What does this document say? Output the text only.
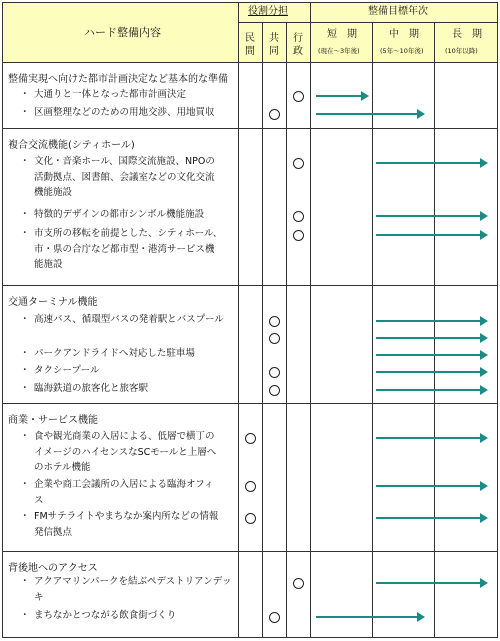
ハード整備内容
役割分担	整備目標年次
民
間
共
同
行
政
短　期
(現在〜3年後)
中　期
(5年〜10年後)
長　期
(10年以降)
整備実現へ向けた都市計画決定など基本的な準備
・ 大通りと一体となった都市計画決定
・ 区画整理などのための用地交渉、用地買収
複合交流機能(シティホール)
・ 文化・音楽ホール、国際交流施設、NPOの
活動拠点、図書館、会議室などの文化交流
機能施設
・ 特徴的デザインの都市シンボル機能施設
・ 市支所の移転を前提とした、シティホール、
市・県の合庁など都市型・港湾サービス機
能施設
交通ターミナル機能
・ 高速バス、循環型バスの発着駅とバスプール
・ パークアンドライドへ対応した駐車場
・ タクシープール
・ 臨海鉄道の旅客化と旅客駅
商業・サービス機能
・ 食や観光商業の入居による、低層で横丁の
イメージのハイセンスなSCモールと上層へ
のホテル機能
・ 企業や商工会議所の入居による臨海オフィ
ス
・ FMサテライトやまちなか案内所などの情報
発信拠点
背後地へのアクセス
・ アクアマリンパークを結ぶペデストリアンデッ
キ
・ まちなかとつながる飲食街づくり
